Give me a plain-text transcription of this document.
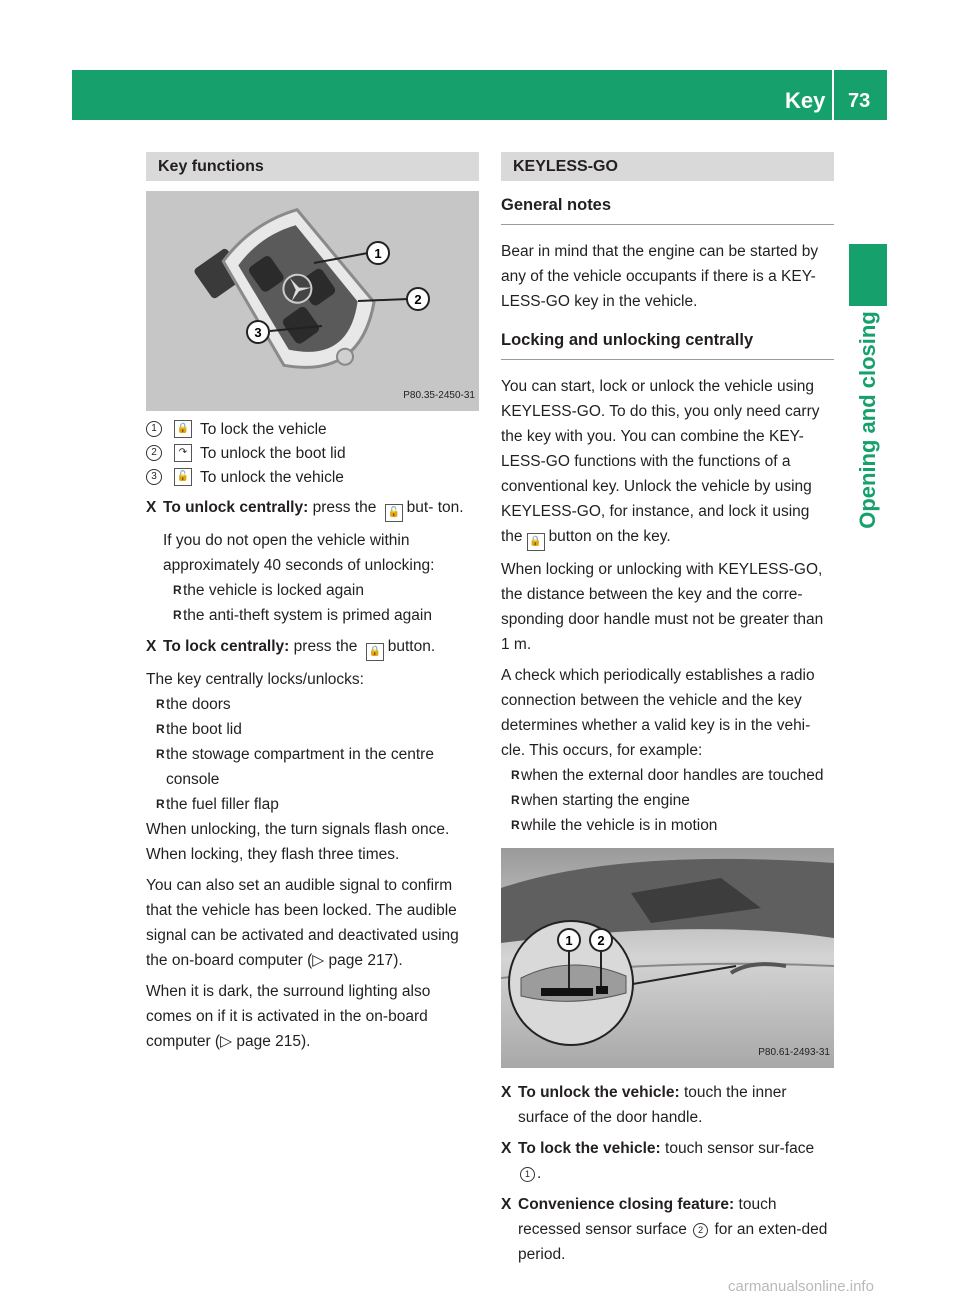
Key 73
Opening and closing
Key functions
1
2
3
P80.35-2450-31
1	🔒 To lock the vehicle
2	↷ To unlock the boot lid
3	🔓 To unlock the vehicle
X To unlock centrally: press the 🔓 but- ton.

If you do not open the vehicle within approximately 40 seconds of unlocking:

R the vehicle is locked again
R the anti-theft system is primed again
X To lock centrally: press the 🔒 button.

The key centrally locks/unlocks:

R the doors
R the boot lid
R the stowage compartment in the centre console
R the fuel filler flap

When unlocking, the turn signals flash once. When locking, they flash three times.

You can also set an audible signal to confirm that the vehicle has been locked. The audible signal can be activated and deactivated using the on-board computer (▷ page 217).

When it is dark, the surround lighting also comes on if it is activated in the on-board computer (▷ page 215).

KEYLESS-GO
General notes

Bear in mind that the engine can be started by any of the vehicle occupants if there is a KEY-LESS-GO key in the vehicle.

Locking and unlocking centrally

You can start, lock or unlock the vehicle using KEYLESS-GO. To do this, you only need carry the key with you. You can combine the KEY-LESS-GO functions with the functions of a conventional key. Unlock the vehicle by using KEYLESS-GO, for instance, and lock it using the 🔒 button on the key.

When locking or unlocking with KEYLESS-GO, the distance between the key and the corre-sponding door handle must not be greater than 1 m.

A check which periodically establishes a radio connection between the vehicle and the key determines whether a valid key is in the vehi-cle. This occurs, for example:

R when the external door handles are touched
R when starting the engine
R while the vehicle is in motion
1 2
P80.61-2493-31
X To unlock the vehicle: touch the inner surface of the door handle.
X To lock the vehicle: touch sensor sur-face 1 .
X Convenience closing feature: touch recessed sensor surface 2 for an exten-ded period.
carmanualsonline.info
